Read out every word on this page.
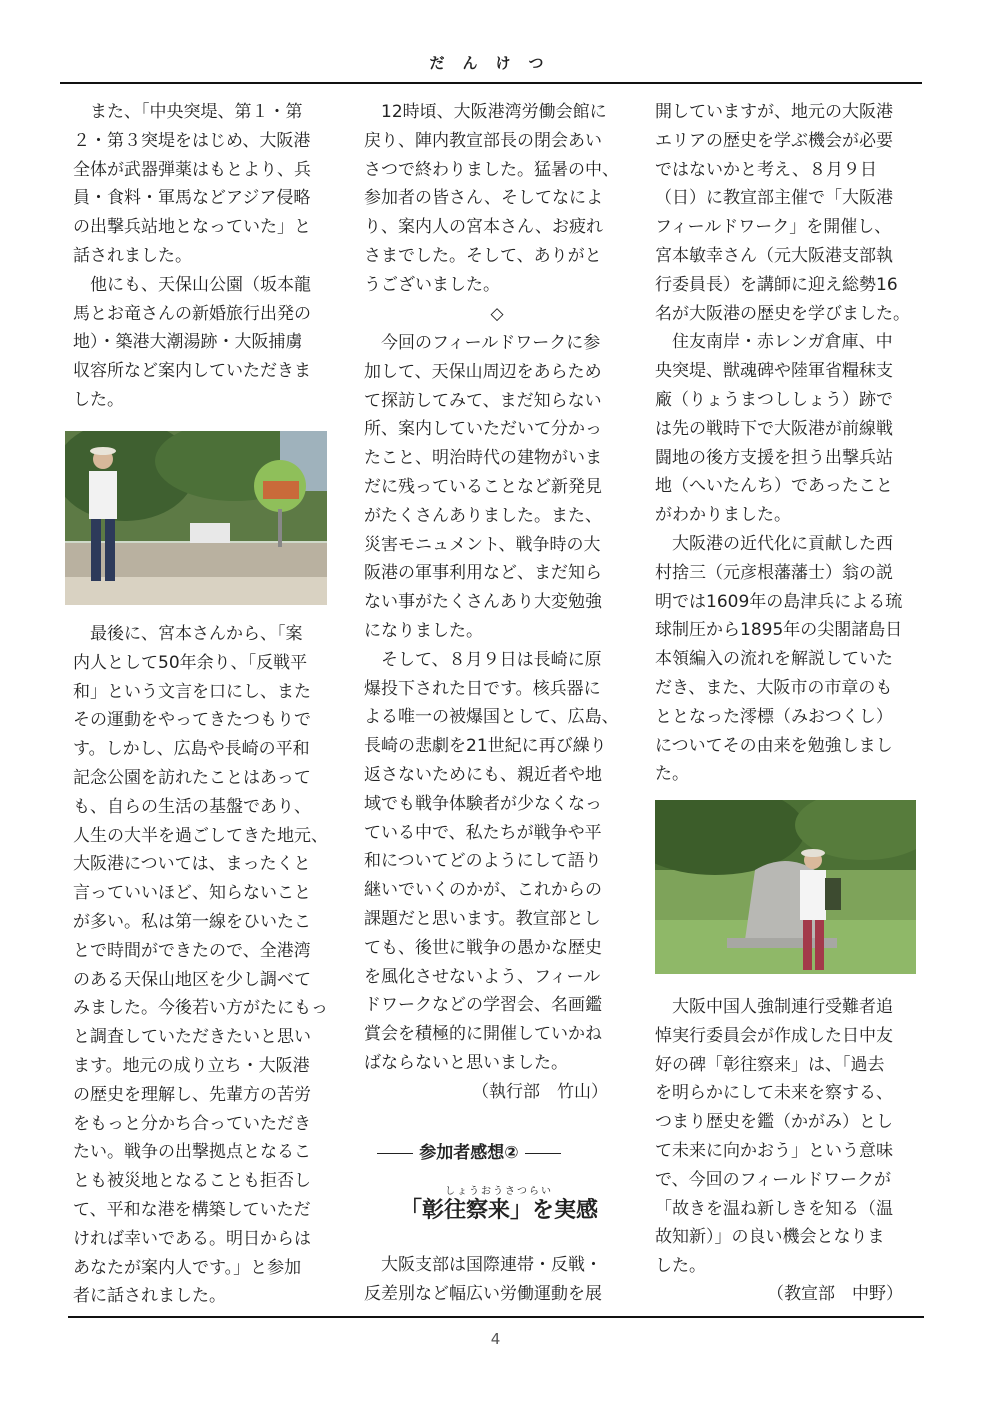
だんけつ

　また、「中央突堤、第１・第

２・第３突堤をはじめ、大阪港

全体が武器弾薬はもとより、兵

員・食料・軍馬などアジア侵略

の出撃兵站地となっていた」と

話されました。

　他にも、天保山公園（坂本龍

馬とお竜さんの新婚旅行出発の

地）・築港大潮湯跡・大阪捕虜

収容所など案内していただきま

した。

　最後に、宮本さんから、「案

内人として50年余り、「反戦平

和」という文言を口にし、また

その運動をやってきたつもりで

す。しかし、広島や長崎の平和

記念公園を訪れたことはあって

も、自らの生活の基盤であり、

人生の大半を過ごしてきた地元、

大阪港については、まったくと

言っていいほど、知らないこと

が多い。私は第一線をひいたこ

とで時間ができたので、全港湾

のある天保山地区を少し調べて

みました。今後若い方がたにもっ

と調査していただきたいと思い

ます。地元の成り立ち・大阪港

の歴史を理解し、先輩方の苦労

をもっと分かち合っていただき

たい。戦争の出撃拠点となるこ

とも被災地となることも拒否し

て、平和な港を構築していただ

ければ幸いである。明日からは

あなたが案内人です。」と参加

者に話されました。

　12時頃、大阪港湾労働会館に

戻り、陣内教宣部長の閉会あい

さつで終わりました。猛暑の中、

参加者の皆さん、そしてなによ

り、案内人の宮本さん、お疲れ

さまでした。そして、ありがと

うございました。

◇

　今回のフィールドワークに参

加して、天保山周辺をあらため

て探訪してみて、まだ知らない

所、案内していただいて分かっ

たこと、明治時代の建物がいま

だに残っていることなど新発見

がたくさんありました。また、

災害モニュメント、戦争時の大

阪港の軍事利用など、まだ知ら

ない事がたくさんあり大変勉強

になりました。

　そして、８月９日は長崎に原

爆投下された日です。核兵器に

よる唯一の被爆国として、広島、

長崎の悲劇を21世紀に再び繰り

返さないためにも、親近者や地

域でも戦争体験者が少なくなっ

ている中で、私たちが戦争や平

和についてどのようにして語り

継いでいくのかが、これからの

課題だと思います。教宣部とし

ても、後世に戦争の愚かな歴史

を風化させないよう、フィール

ドワークなどの学習会、名画鑑

賞会を積極的に開催していかね

ばならないと思いました。

（執行部　竹山）
参加者感想②
しょうおうさつらい
「彰往察来」を実感

　大阪支部は国際連帯・反戦・

反差別など幅広い労働運動を展

開していますが、地元の大阪港

エリアの歴史を学ぶ機会が必要

ではないかと考え、８月９日

（日）に教宣部主催で「大阪港

フィールドワーク」を開催し、

宮本敏幸さん（元大阪港支部執

行委員長）を講師に迎え総勢16

名が大阪港の歴史を学びました。

　住友南岸・赤レンガ倉庫、中

央突堤、獣魂碑や陸軍省糧秣支

廠（りょうまつししょう）跡で

は先の戦時下で大阪港が前線戦

闘地の後方支援を担う出撃兵站

地（へいたんち）であったこと

がわかりました。

　大阪港の近代化に貢献した西

村捨三（元彦根藩藩士）翁の説

明では1609年の島津兵による琉

球制圧から1895年の尖閣諸島日

本領編入の流れを解説していた

だき、また、大阪市の市章のも

ととなった澪標（みおつくし）

についてその由来を勉強しまし

た。

　大阪中国人強制連行受難者追

悼実行委員会が作成した日中友

好の碑「彰往察来」は、「過去

を明らかにして未来を察する、

つまり歴史を鑑（かがみ）とし

て未来に向かおう」という意味

で、今回のフィールドワークが

「故きを温ね新しきを知る（温

故知新）」の良い機会となりま

した。

（教宣部　中野）
4
